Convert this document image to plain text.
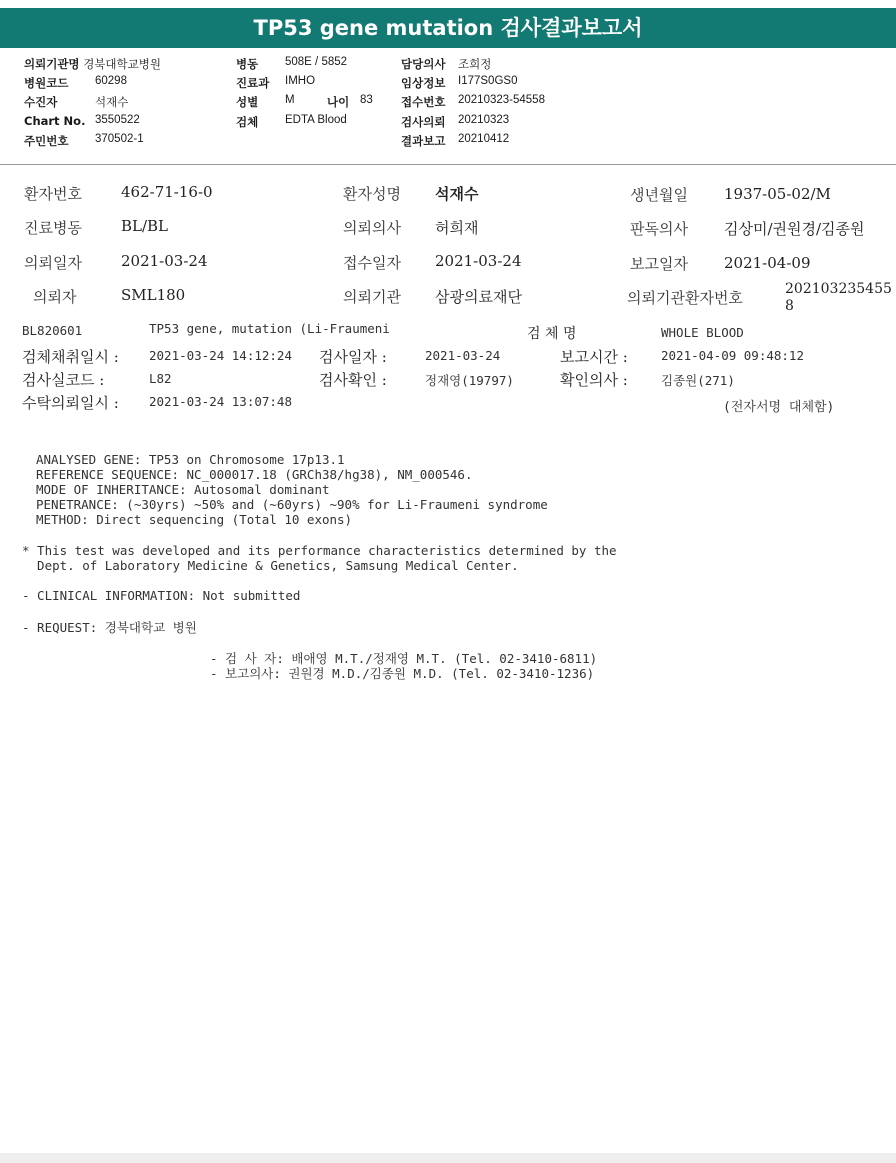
TP53 gene mutation 검사결과보고서
의뢰기관명 경북대학교병원
병원코드 60298
수진자	석재수
Chart No. 3550522
주민번호 370502-1
병동 508E / 5852
진료과 IMHO
성별 M	나이 83
검체 EDTA Blood
담당의사 조희정
임상정보 I177S0GS0
접수번호 20210323-54558
검사의뢰 20210323
결과보고 20210412
환자번호	462-71-16-0	환자성명 석재수	생년월일 1937-05-02/M
진료병동	BL/BL	의뢰의사 허희재	판독의사 김상미/권원경/김종원
의뢰일자	2021-03-24	접수일자 2021-03-24	보고일자 2021-04-09
의뢰자	SML180	의뢰기관 삼광의료재단	의뢰기관환자번호	202103235455
8
BL820601	TP53 gene, mutation (Li-Fraumeni	검 체 명	WHOLE BLOOD
검체채취일시 : 2021-03-24 14:12:24 검사일자 :	2021-03-24	보고시간 :	2021-04-09 09:48:12
검사실코드 :	L82	검사확인 :	정재영(19797)	확인의사 :	김종원(271)
수탁의뢰일시 : 2021-03-24 13:07:48	(전자서명 대체함)
ANALYSED GENE: TP53 on Chromosome 17p13.1
REFERENCE SEQUENCE: NC_000017.18 (GRCh38/hg38), NM_000546.
MODE OF INHERITANCE: Autosomal dominant
PENETRANCE: (~30yrs) ~50% and (~60yrs) ~90% for Li-Fraumeni syndrome
METHOD: Direct sequencing (Total 10 exons)
* This test was developed and its performance characteristics determined by the
Dept. of Laboratory Medicine & Genetics, Samsung Medical Center.
- CLINICAL INFORMATION: Not submitted
- REQUEST: 경북대학교 병원
- 검 사 자: 배애영 M.T./정재영 M.T. (Tel. 02-3410-6811)
- 보고의사: 권원경 M.D./김종원 M.D. (Tel. 02-3410-1236)
